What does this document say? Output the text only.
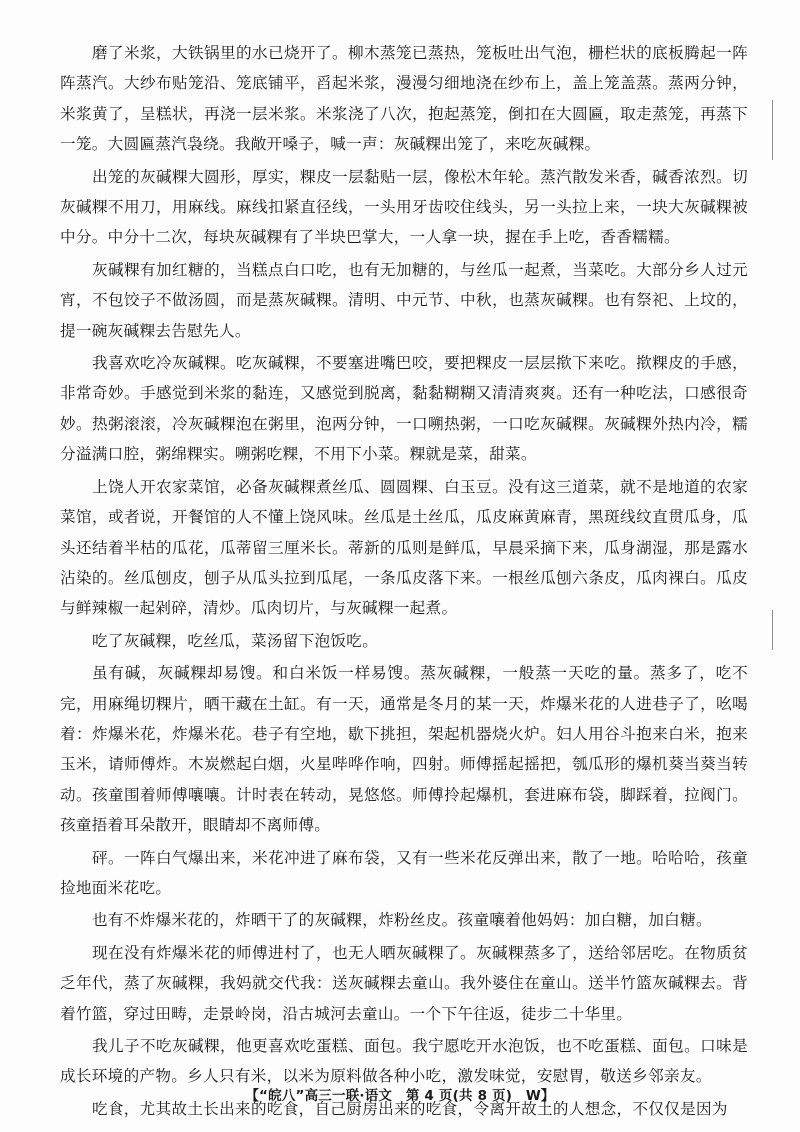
磨了米浆，大铁锅里的水已烧开了。柳木蒸笼已蒸热，笼板吐出气泡，栅栏状的底板腾起一阵阵蒸汽。大纱布贴笼沿、笼底铺平，舀起米浆，漫漫匀细地浇在纱布上，盖上笼盖蒸。蒸两分钟，米浆黄了，呈糕状，再浇一层米浆。米浆浇了八次，抱起蒸笼，倒扣在大圆匾，取走蒸笼，再蒸下一笼。大圆匾蒸汽袅绕。我敞开嗓子，喊一声：灰碱粿出笼了，来吃灰碱粿。

出笼的灰碱粿大圆形，厚实，粿皮一层黏贴一层，像松木年轮。蒸汽散发米香，碱香浓烈。切灰碱粿不用刀，用麻线。麻线扣紧直径线，一头用牙齿咬住线头，另一头拉上来，一块大灰碱粿被中分。中分十二次，每块灰碱粿有了半块巴掌大，一人拿一块，握在手上吃，香香糯糯。

灰碱粿有加红糖的，当糕点白口吃，也有无加糖的，与丝瓜一起煮，当菜吃。大部分乡人过元宵，不包饺子不做汤圆，而是蒸灰碱粿。清明、中元节、中秋，也蒸灰碱粿。也有祭祀、上坟的，提一碗灰碱粿去告慰先人。

我喜欢吃冷灰碱粿。吃灰碱粿，不要塞进嘴巴咬，要把粿皮一层层揿下来吃。揿粿皮的手感，非常奇妙。手感觉到米浆的黏连，又感觉到脱离，黏黏糊糊又清清爽爽。还有一种吃法，口感很奇妙。热粥滚滚，冷灰碱粿泡在粥里，泡两分钟，一口嗍热粥，一口吃灰碱粿。灰碱粿外热内冷，糯分溢满口腔，粥绵粿实。嗍粥吃粿，不用下小菜。粿就是菜，甜菜。

上饶人开农家菜馆，必备灰碱粿煮丝瓜、圆圆粿、白玉豆。没有这三道菜，就不是地道的农家菜馆，或者说，开餐馆的人不懂上饶风味。丝瓜是土丝瓜，瓜皮麻黄麻青，黑斑线纹直贯瓜身，瓜头还结着半枯的瓜花，瓜蒂留三厘米长。蒂新的瓜则是鲜瓜，早晨采摘下来，瓜身湖湿，那是露水沾染的。丝瓜刨皮，刨子从瓜头拉到瓜尾，一条瓜皮落下来。一根丝瓜刨六条皮，瓜肉裸白。瓜皮与鲜辣椒一起剁碎，清炒。瓜肉切片，与灰碱粿一起煮。

吃了灰碱粿，吃丝瓜，菜汤留下泡饭吃。

虽有碱，灰碱粿却易馊。和白米饭一样易馊。蒸灰碱粿，一般蒸一天吃的量。蒸多了，吃不完，用麻绳切粿片，晒干藏在土缸。有一天，通常是冬月的某一天，炸爆米花的人进巷子了，吆喝着：炸爆米花，炸爆米花。巷子有空地，歇下挑担，架起机器烧火炉。妇人用谷斗抱来白米，抱来玉米，请师傅炸。木炭燃起白烟，火星哔哗作响，四射。师傅摇起摇把，瓠瓜形的爆机葵当葵当转动。孩童围着师傅嚷嚷。计时表在转动，晃悠悠。师傅拎起爆机，套进麻布袋，脚踩着，拉阀门。孩童捂着耳朵散开，眼睛却不离师傅。

砰。一阵白气爆出来，米花冲进了麻布袋，又有一些米花反弹出来，散了一地。哈哈哈，孩童捡地面米花吃。

也有不炸爆米花的，炸晒干了的灰碱粿，炸粉丝皮。孩童嚷着他妈妈：加白糖，加白糖。

现在没有炸爆米花的师傅进村了，也无人晒灰碱粿了。灰碱粿蒸多了，送给邻居吃。在物质贫乏年代，蒸了灰碱粿，我妈就交代我：送灰碱粿去童山。我外婆住在童山。送半竹篮灰碱粿去。背着竹篮，穿过田畴，走景岭岗，沿古城河去童山。一个下午往返，徒步二十华里。

我儿子不吃灰碱粿，他更喜欢吃蛋糕、面包。我宁愿吃开水泡饭，也不吃蛋糕、面包。口味是成长环境的产物。乡人只有米，以米为原料做各种小吃，激发味觉，安慰胃，敬送乡邻亲友。

吃食，尤其故土长出来的吃食，自己厨房出来的吃食，令离开故土的人想念，不仅仅是因为

【“皖八”高三一联·语文　第 4 页(共 8 页)　W】
